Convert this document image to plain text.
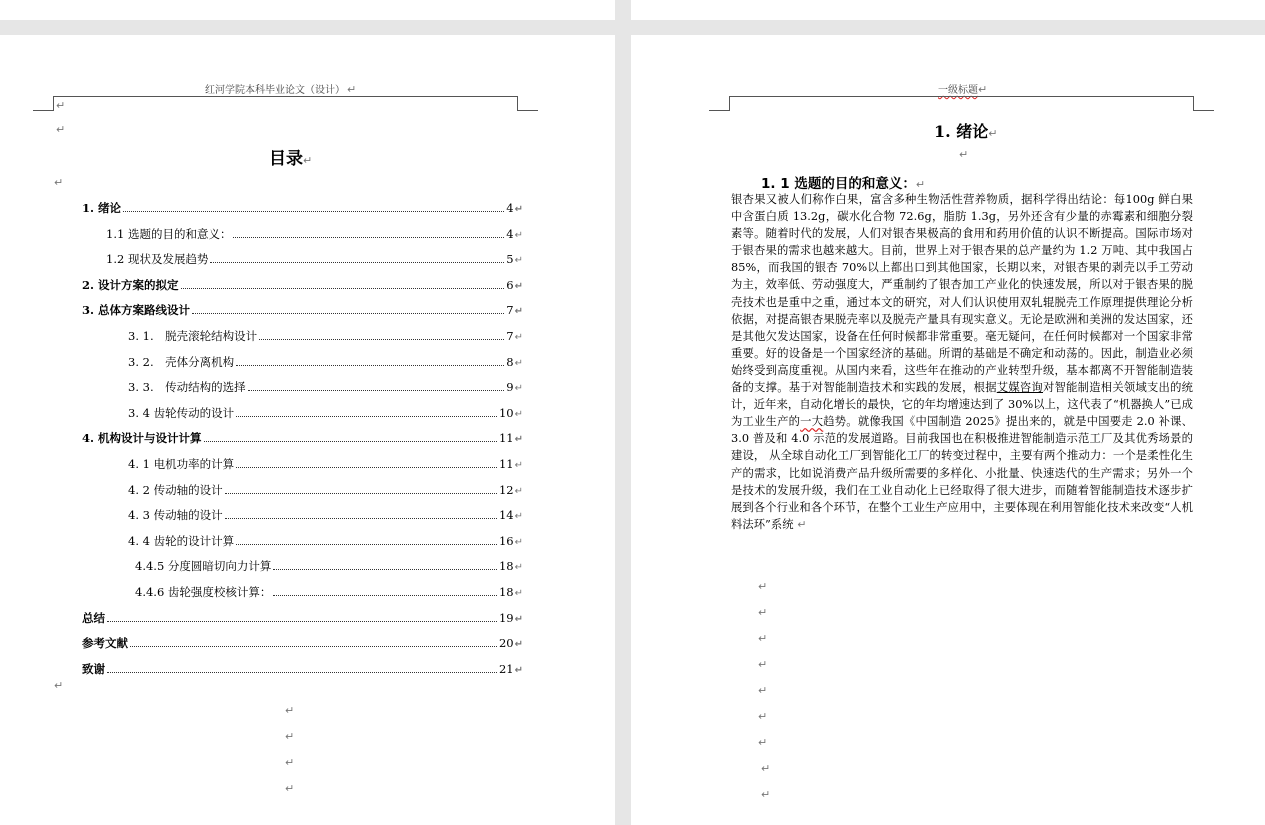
红河学院本科毕业论文（设计） ↵
↵
↵
目录↵
↵
1. 绪论	4 ↵
1.1 选题的目的和意义：	4 ↵
1.2 现状及发展趋势	5 ↵
2. 设计方案的拟定	6 ↵
3. 总体方案路线设计	7 ↵
3. 1.　脱壳滚轮结构设计	7 ↵
3. 2.　壳体分离机构	8 ↵
3. 3.　传动结构的选择	9 ↵
3. 4 齿轮传动的设计	10 ↵
4. 机构设计与设计计算	11 ↵
4. 1 电机功率的计算	11 ↵
4. 2 传动轴的设计	12 ↵
4. 3 传动轴的设计	14 ↵
4. 4 齿轮的设计计算	16 ↵
4.4.5 分度圆暗切向力计算	18 ↵
4.4.6 齿轮强度校核计算：	18 ↵
总结	19 ↵
参考文献	20 ↵
致谢	21 ↵
↵
↵
↵
↵
↵
一级标题↵
1. 绪论↵
↵
1. 1 选题的目的和意义：↵
银杏果又被人们称作白果，富含多种生物活性营养物质，据科学得出结论：每100g 鲜白果中含蛋白质 13.2g，碳水化合物 72.6g，脂肪 1.3g，另外还含有少量的赤霉素和细胞分裂素等。随着时代的发展，人们对银杏果极高的食用和药用价值的认识不断提高。国际市场对于银杏果的需求也越来越大。目前，世界上对于银杏果的总产量约为 1.2 万吨、其中我国占 85%，而我国的银杏 70%以上都出口到其他国家，长期以来，对银杏果的剥壳以手工劳动为主，效率低、劳动强度大，严重制约了银杏加工产业化的快速发展，所以对于银杏果的脱壳技术也是重中之重，通过本文的研究，对人们认识使用双轧辊脱壳工作原理提供理论分析依据，对提高银杏果脱壳率以及脱壳产量具有现实意义。无论是欧洲和美洲的发达国家，还是其他欠发达国家，设备在任何时候都非常重要。毫无疑问，在任何时候都对一个国家非常重要。好的设备是一个国家经济的基础。所谓的基础是不确定和动荡的。因此，制造业必须始终受到高度重视。从国内来看，这些年在推动的产业转型升级，基本都离不开智能制造装备的支撑。基于对智能制造技术和实践的发展，根据艾媒咨询对智能制造相关领域支出的统计，近年来，自动化增长的最快，它的年均增速达到了 30%以上，这代表了“机器换人”已成为工业生产的一大趋势。就像我国《中国制造 2025》提出来的，就是中国要走 2.0 补课、3.0 普及和 4.0 示范的发展道路。目前我国也在积极推进智能制造示范工厂及其优秀场景的建设， 从全球自动化工厂到智能化工厂的转变过程中，主要有两个推动力：一个是柔性化生产的需求，比如说消费产品升级所需要的多样化、小批量、快速迭代的生产需求；另外一个是技术的发展升级，我们在工业自动化上已经取得了很大进步，而随着智能制造技术逐步扩展到各个行业和各个环节，在整个工业生产应用中，主要体现在利用智能化技术来改变“人机料法环”系统 ↵
↵
↵
↵
↵
↵
↵
↵
↵
↵
